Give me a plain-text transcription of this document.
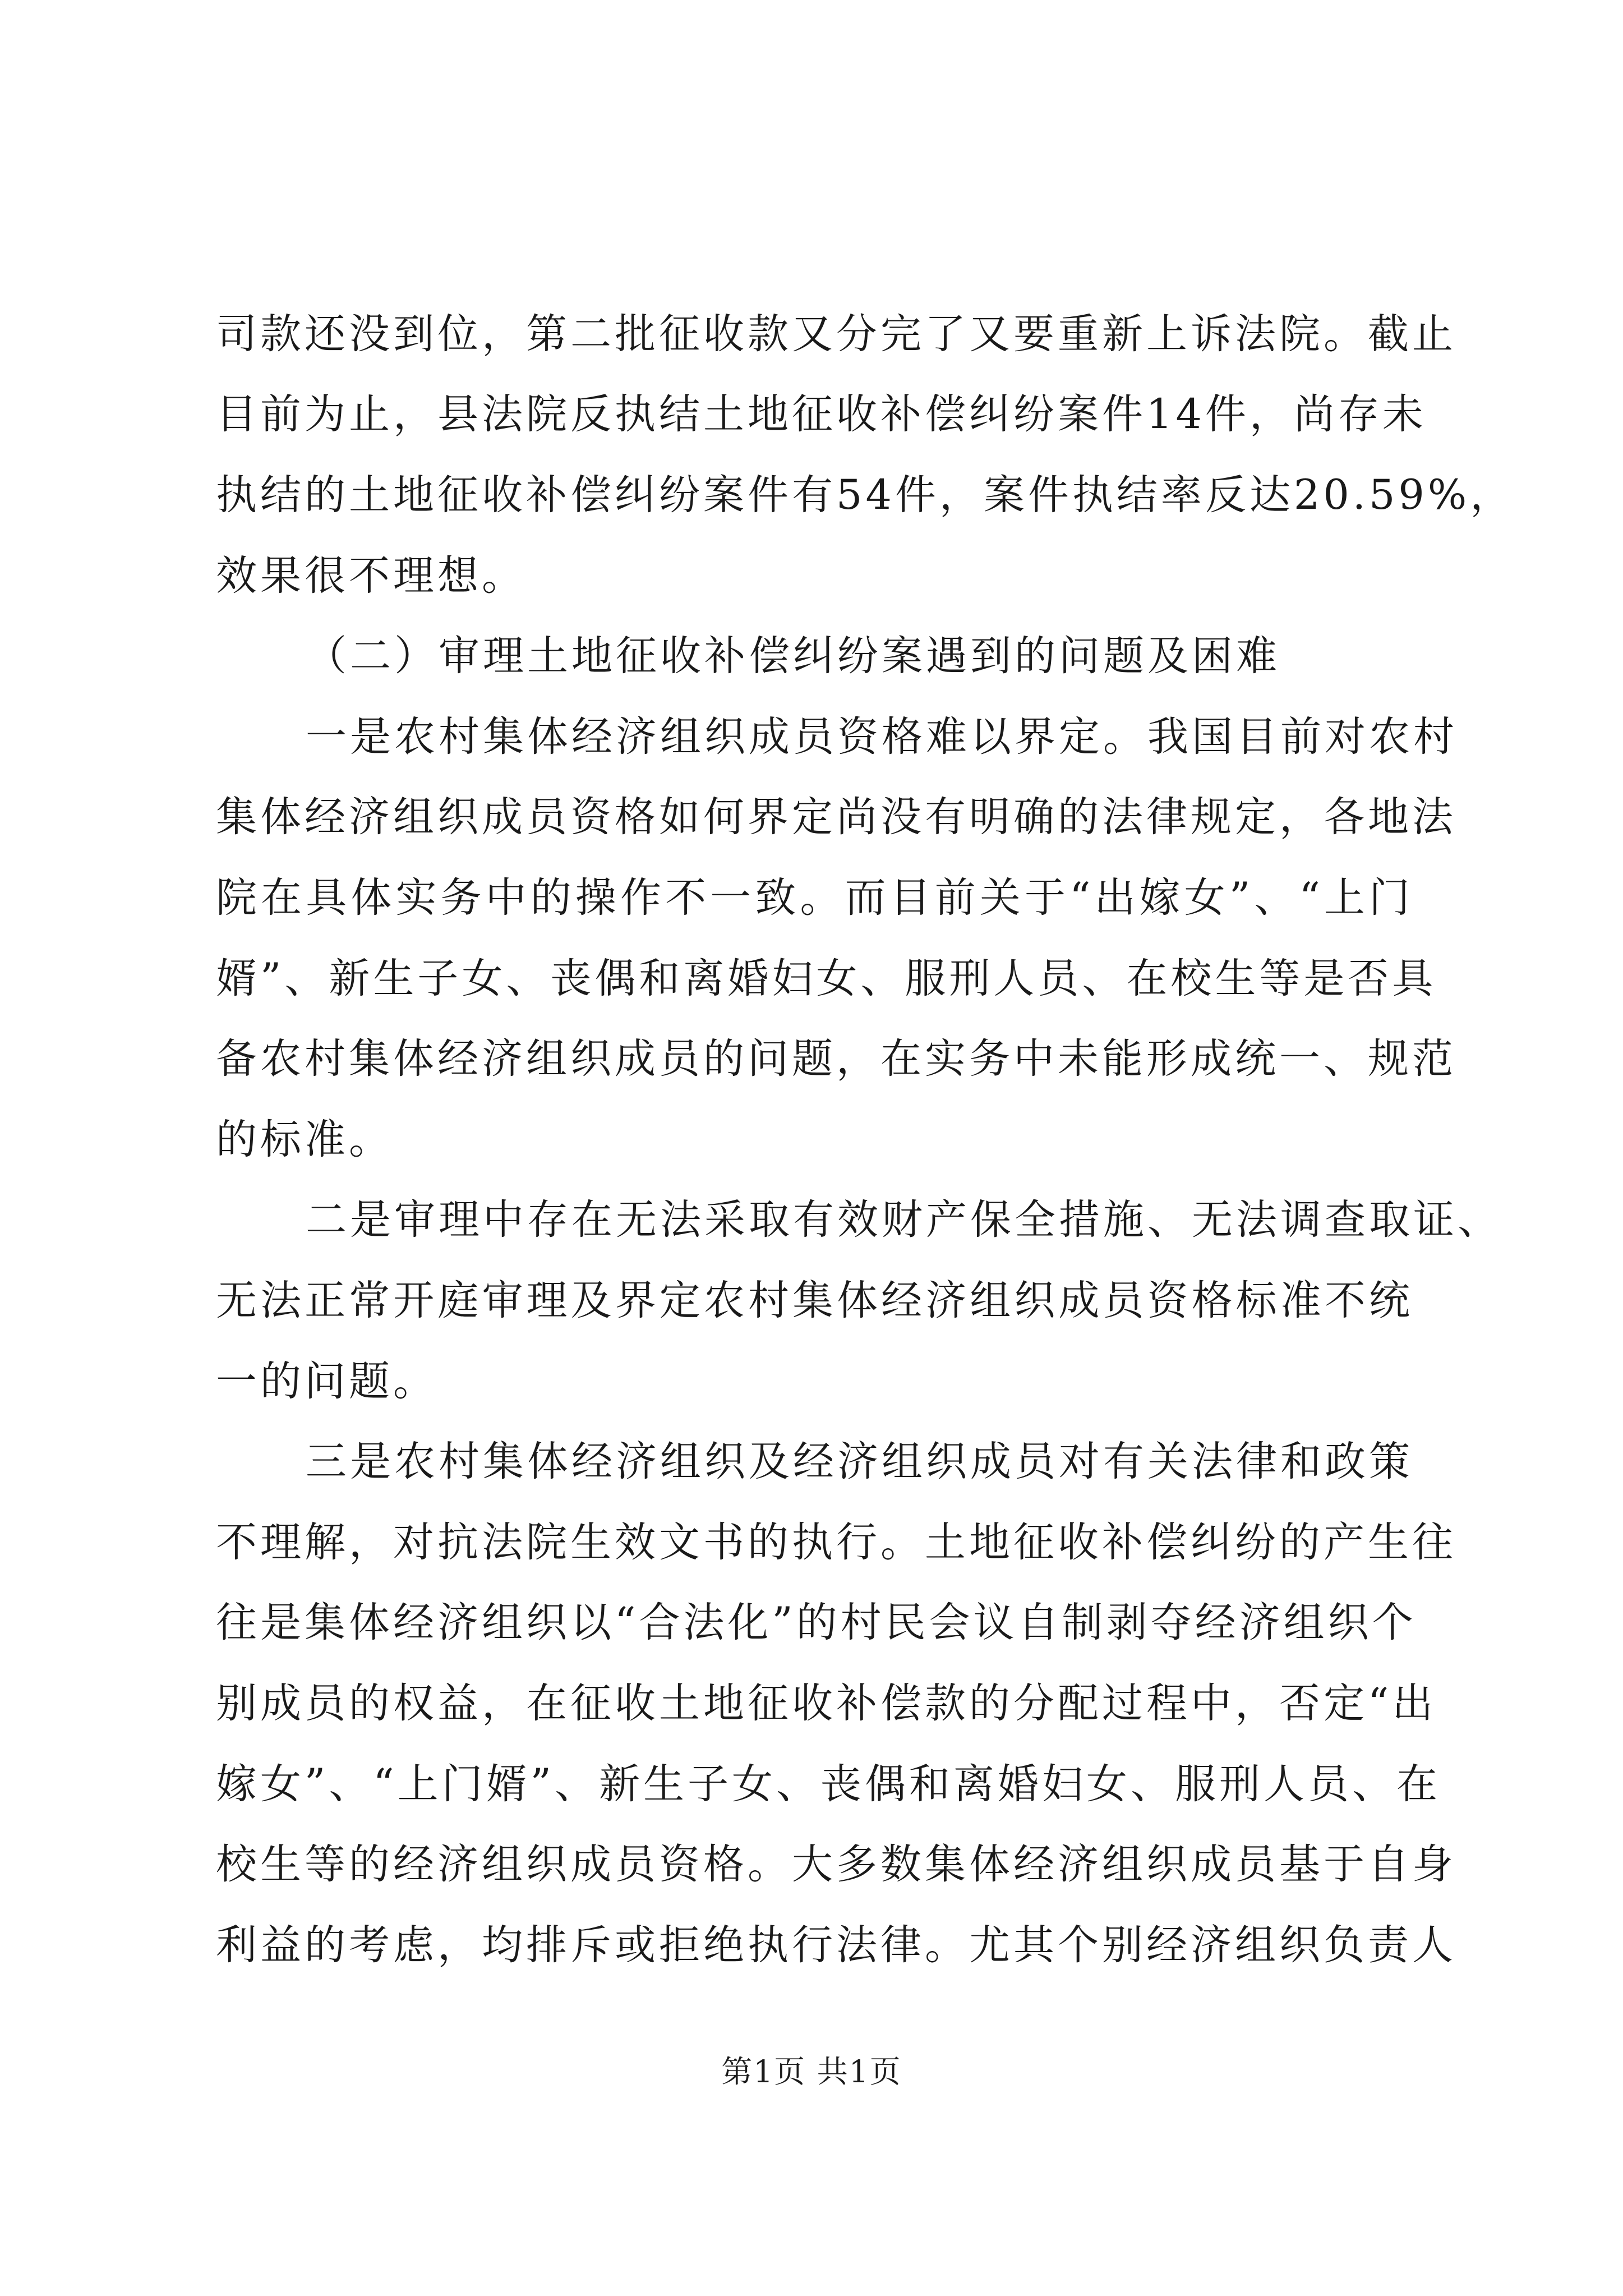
司款还没到位，第二批征收款又分完了又要重新上诉法院。截止
目前为止，县法院反执结土地征收补偿纠纷案件14件，尚存未
执结的土地征收补偿纠纷案件有54件，案件执结率反达20.59%，
效果很不理想。
（二）审理土地征收补偿纠纷案遇到的问题及困难
一是农村集体经济组织成员资格难以界定。我国目前对农村
集体经济组织成员资格如何界定尚没有明确的法律规定，各地法
院在具体实务中的操作不一致。而目前关于“出嫁女”、“上门
婿”、新生子女、丧偶和离婚妇女、服刑人员、在校生等是否具
备农村集体经济组织成员的问题，在实务中未能形成统一、规范
的标准。
二是审理中存在无法采取有效财产保全措施、无法调查取证、
无法正常开庭审理及界定农村集体经济组织成员资格标准不统
一的问题。
三是农村集体经济组织及经济组织成员对有关法律和政策
不理解，对抗法院生效文书的执行。土地征收补偿纠纷的产生往
往是集体经济组织以“合法化”的村民会议自制剥夺经济组织个
别成员的权益，在征收土地征收补偿款的分配过程中，否定“出
嫁女”、“上门婿”、新生子女、丧偶和离婚妇女、服刑人员、在
校生等的经济组织成员资格。大多数集体经济组织成员基于自身
利益的考虑，均排斥或拒绝执行法律。尤其个别经济组织负责人
第1页 共1页
